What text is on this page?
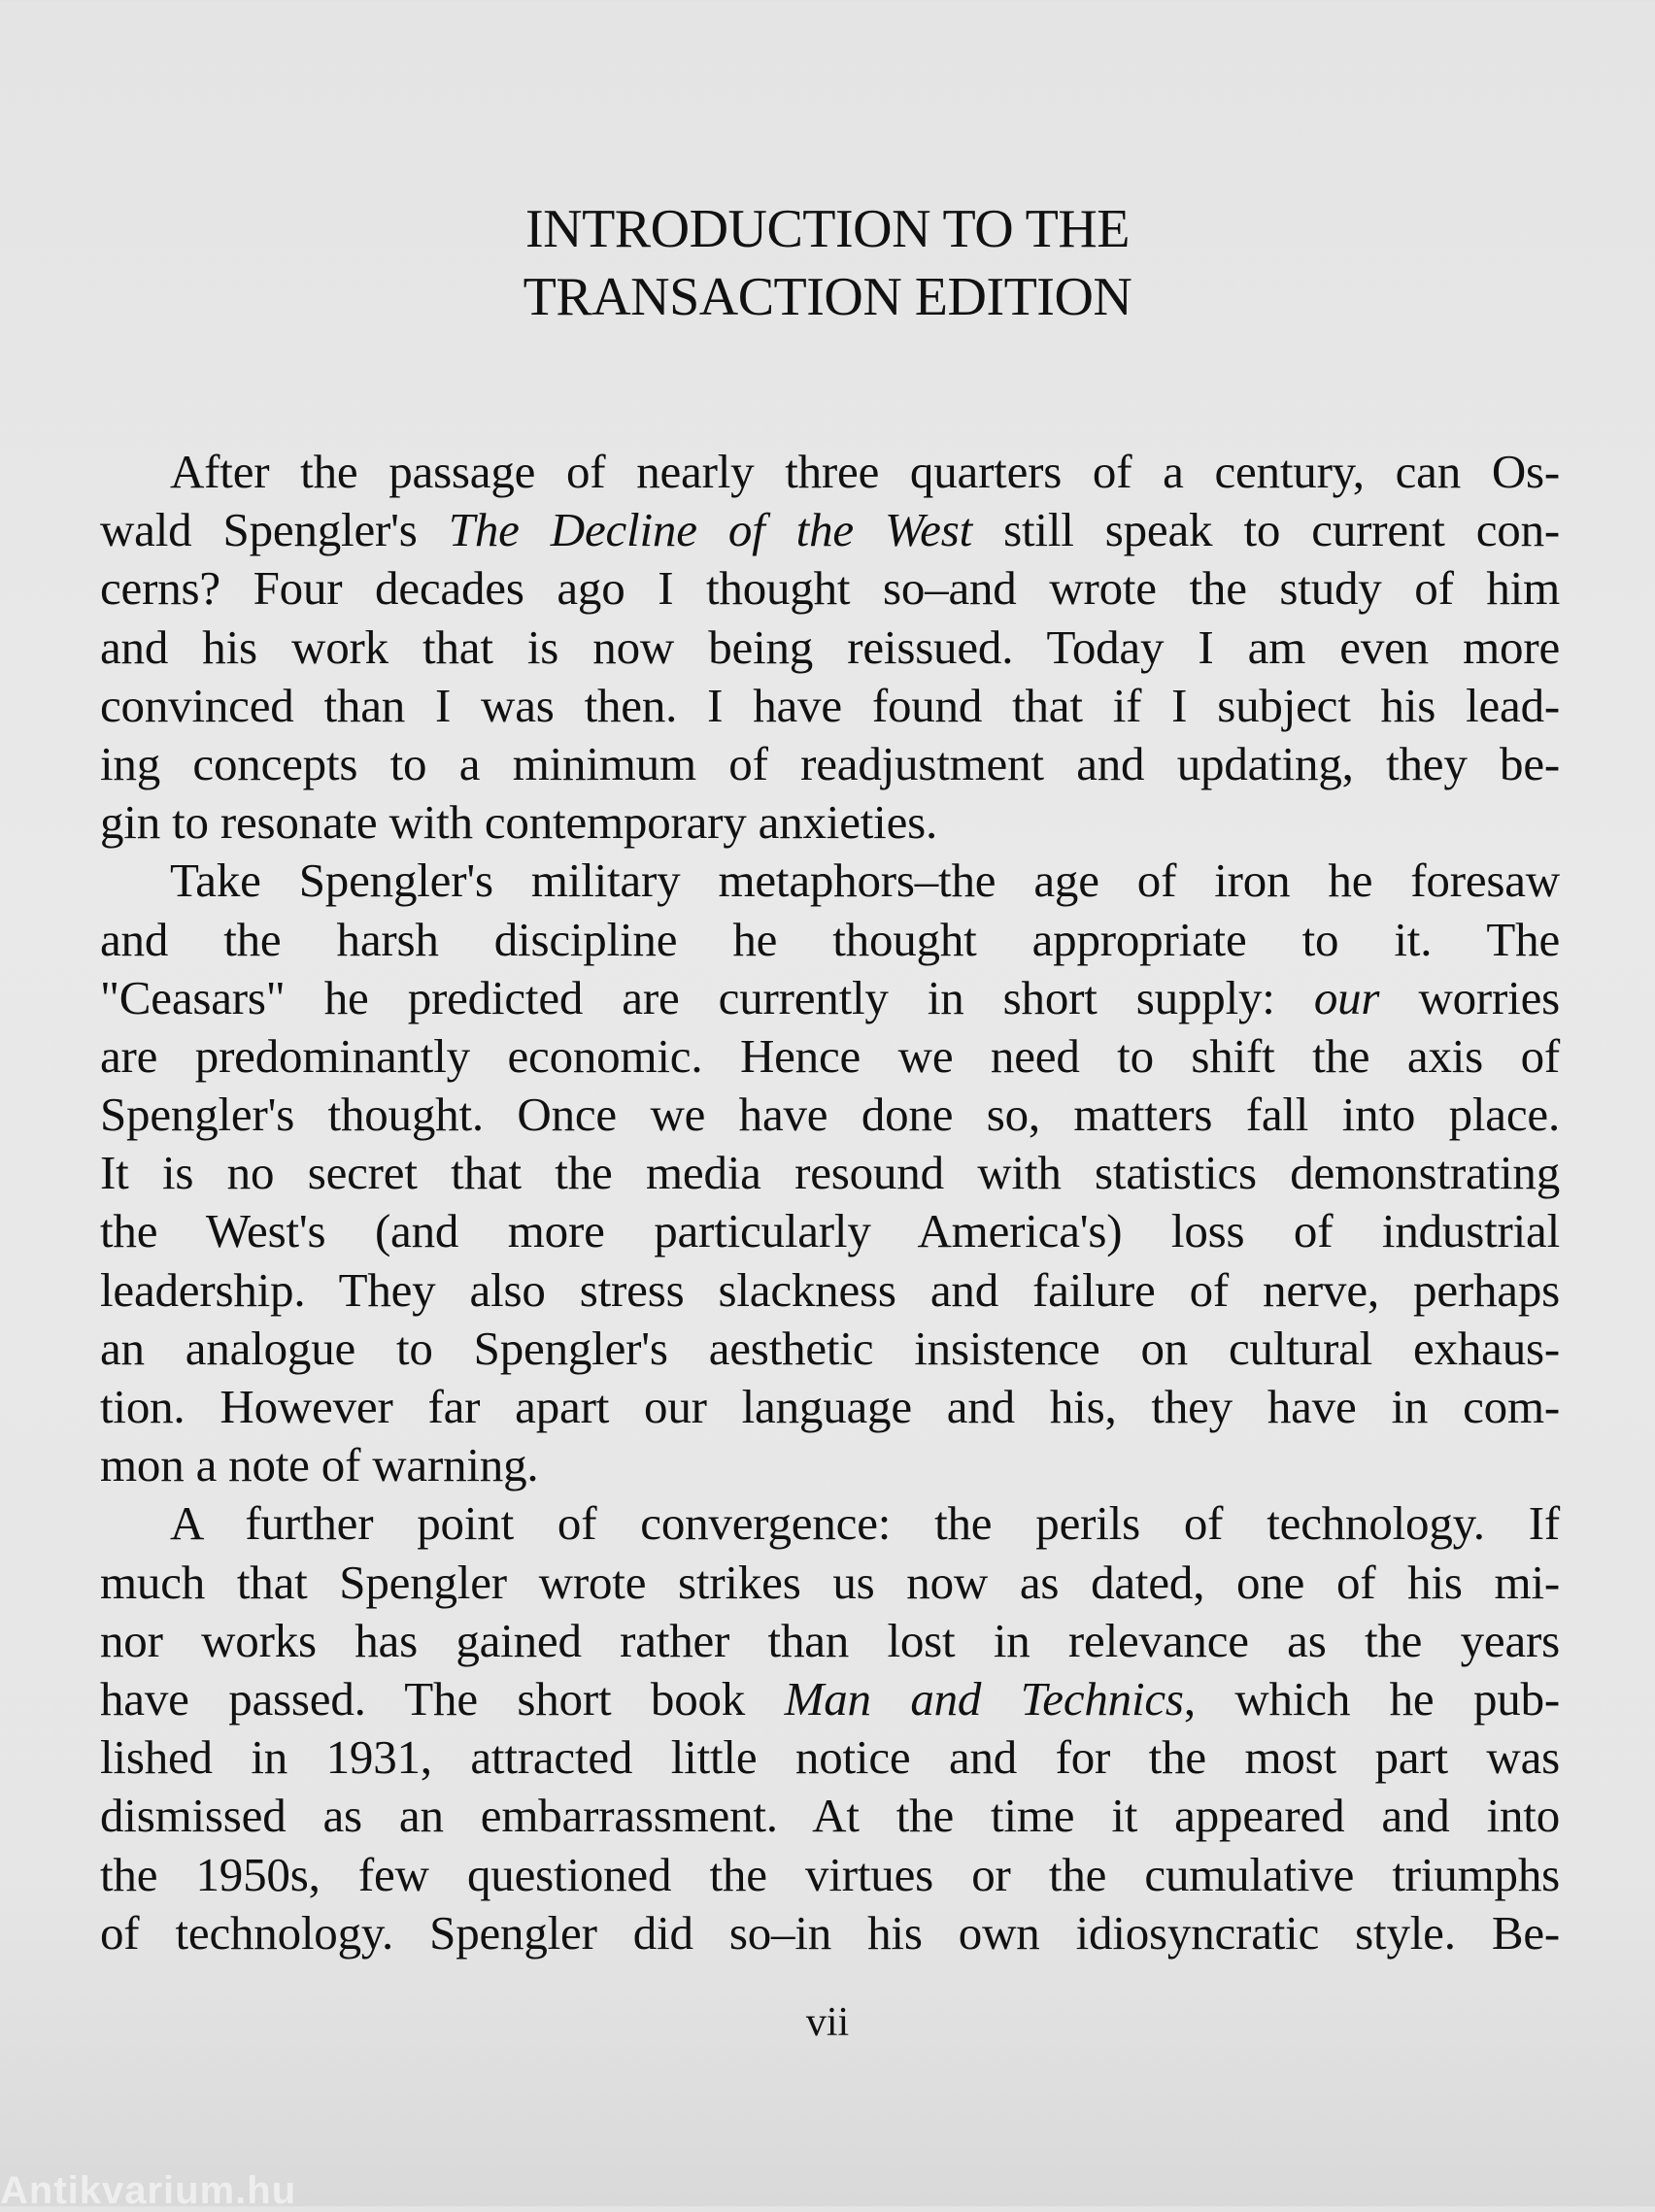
INTRODUCTION TO THE
TRANSACTION EDITION
After the passage of nearly three quarters of a century, can Os-
wald Spengler's The Decline of the West still speak to current con-
cerns? Four decades ago I thought so–and wrote the study of him
and his work that is now being reissued. Today I am even more
convinced than I was then. I have found that if I subject his lead-
ing concepts to a minimum of readjustment and updating, they be-
gin to resonate with contemporary anxieties.
Take Spengler's military metaphors–the age of iron he foresaw
and the harsh discipline he thought appropriate to it. The
"Ceasars" he predicted are currently in short supply: our worries
are predominantly economic. Hence we need to shift the axis of
Spengler's thought. Once we have done so, matters fall into place.
It is no secret that the media resound with statistics demonstrating
the West's (and more particularly America's) loss of industrial
leadership. They also stress slackness and failure of nerve, perhaps
an analogue to Spengler's aesthetic insistence on cultural exhaus-
tion. However far apart our language and his, they have in com-
mon a note of warning.
A further point of convergence: the perils of technology. If
much that Spengler wrote strikes us now as dated, one of his mi-
nor works has gained rather than lost in relevance as the years
have passed. The short book Man and Technics, which he pub-
lished in 1931, attracted little notice and for the most part was
dismissed as an embarrassment. At the time it appeared and into
the 1950s, few questioned the virtues or the cumulative triumphs
of technology. Spengler did so–in his own idiosyncratic style. Be-
vii
Antikvarium.hu
